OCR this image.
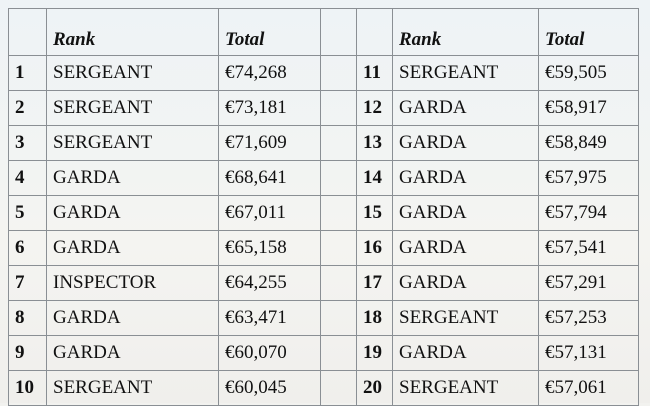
	Rank	Total			Rank	Total
1	SERGEANT	€74,268		11	SERGEANT	€59,505
2	SERGEANT	€73,181		12	GARDA	€58,917
3	SERGEANT	€71,609		13	GARDA	€58,849
4	GARDA	€68,641		14	GARDA	€57,975
5	GARDA	€67,011		15	GARDA	€57,794
6	GARDA	€65,158		16	GARDA	€57,541
7	INSPECTOR	€64,255		17	GARDA	€57,291
8	GARDA	€63,471		18	SERGEANT	€57,253
9	GARDA	€60,070		19	GARDA	€57,131
10	SERGEANT	€60,045		20	SERGEANT	€57,061
